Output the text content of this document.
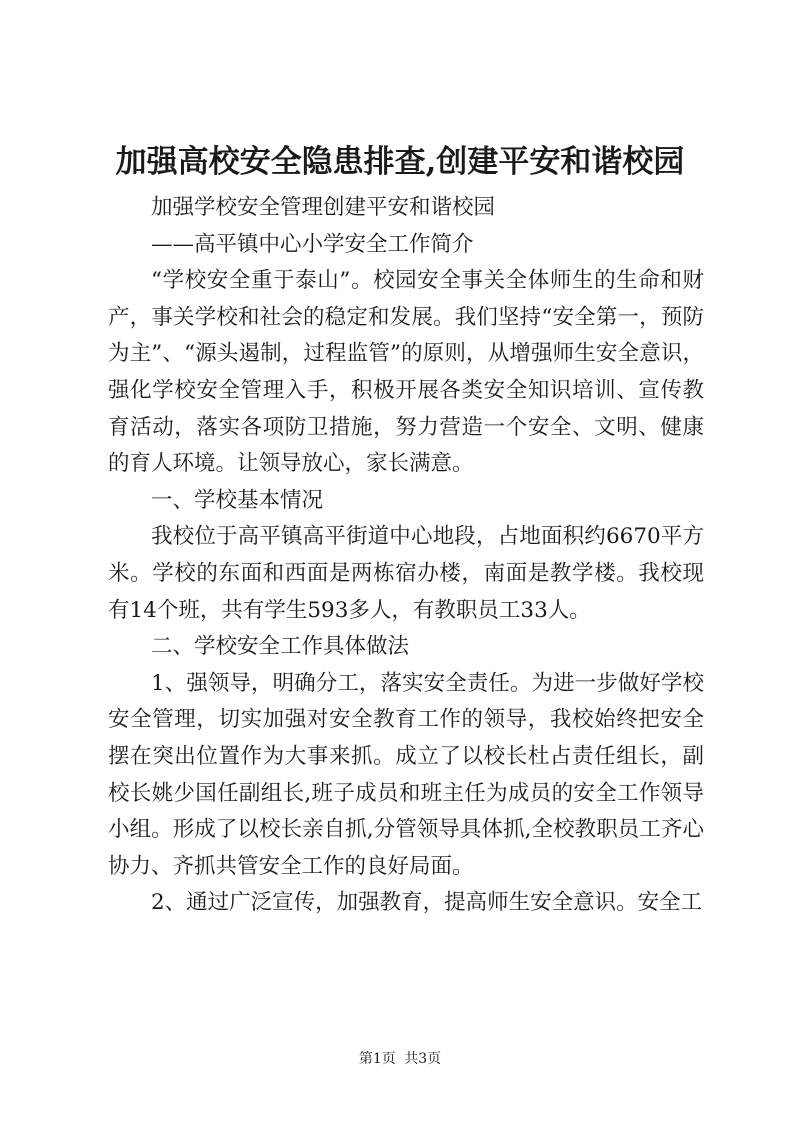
加强高校安全隐患排查,创建平安和谐校园

加强学校安全管理创建平安和谐校园

——高平镇中心小学安全工作简介

“学校安全重于泰山”。校园安全事关全体师生的生命和财产，事关学校和社会的稳定和发展。我们坚持“安全第一，预防为主”、“源头遏制，过程监管”的原则，从增强师生安全意识，强化学校安全管理入手，积极开展各类安全知识培训、宣传教育活动，落实各项防卫措施，努力营造一个安全、文明、健康的育人环境。让领导放心，家长满意。

一、学校基本情况

我校位于高平镇高平街道中心地段，占地面积约6670平方米。学校的东面和西面是两栋宿办楼，南面是教学楼。我校现有14个班，共有学生593多人，有教职员工33人。

二、学校安全工作具体做法

1、强领导，明确分工，落实安全责任。为进一步做好学校安全管理，切实加强对安全教育工作的领导，我校始终把安全摆在突出位置作为大事来抓。成立了以校长杜占责任组长，副校长姚少国任副组长,班子成员和班主任为成员的安全工作领导小组。形成了以校长亲自抓,分管领导具体抓,全校教职员工齐心协力、齐抓共管安全工作的良好局面。

2、通过广泛宣传，加强教育，提高师生安全意识。安全工

第1页 共3页
